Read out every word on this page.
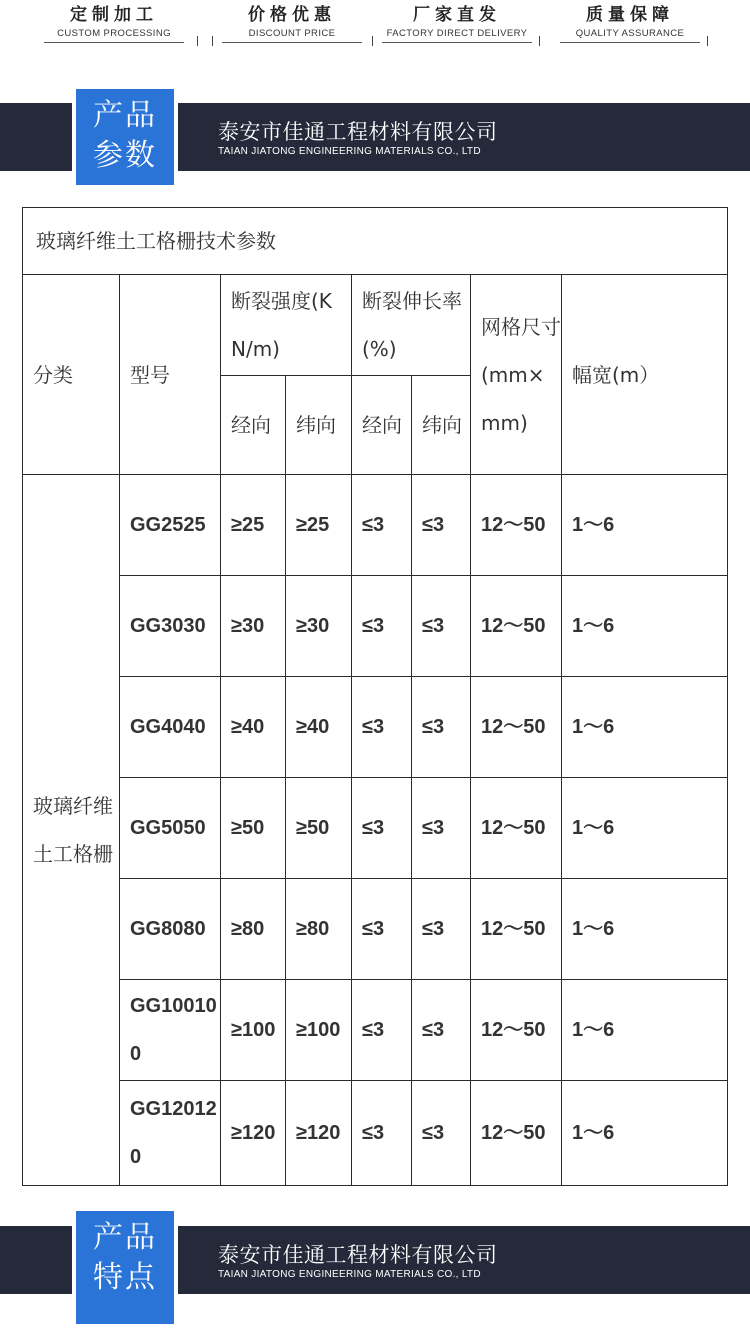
定制加工
CUSTOM PROCESSING
价格优惠
DISCOUNT PRICE
厂家直发
FACTORY DIRECT DELIVERY
质量保障
QUALITY ASSURANCE
泰安市佳通工程材料有限公司
TAIAN JIATONG ENGINEERING MATERIALS CO., LTD
产品
参数
玻璃纤维土工格栅技术参数							
分类	型号	断裂强度(KN/m)		断裂伸长率(%)		网格尺寸(mm×mm)	幅宽(m）
		经向	纬向	经向	纬向		
玻璃纤维土工格栅	GG2525	≥25	≥25	≤3	≤3	12～50	1～6
	GG3030	≥30	≥30	≤3	≤3	12～50	1～6
	GG4040	≥40	≥40	≤3	≤3	12～50	1～6
	GG5050	≥50	≥50	≤3	≤3	12～50	1～6
	GG8080	≥80	≥80	≤3	≤3	12～50	1～6
	GG100100	≥100	≥100	≤3	≤3	12～50	1～6
	GG120120	≥120	≥120	≤3	≤3	12～50	1～6
泰安市佳通工程材料有限公司
TAIAN JIATONG ENGINEERING MATERIALS CO., LTD
产品
特点
